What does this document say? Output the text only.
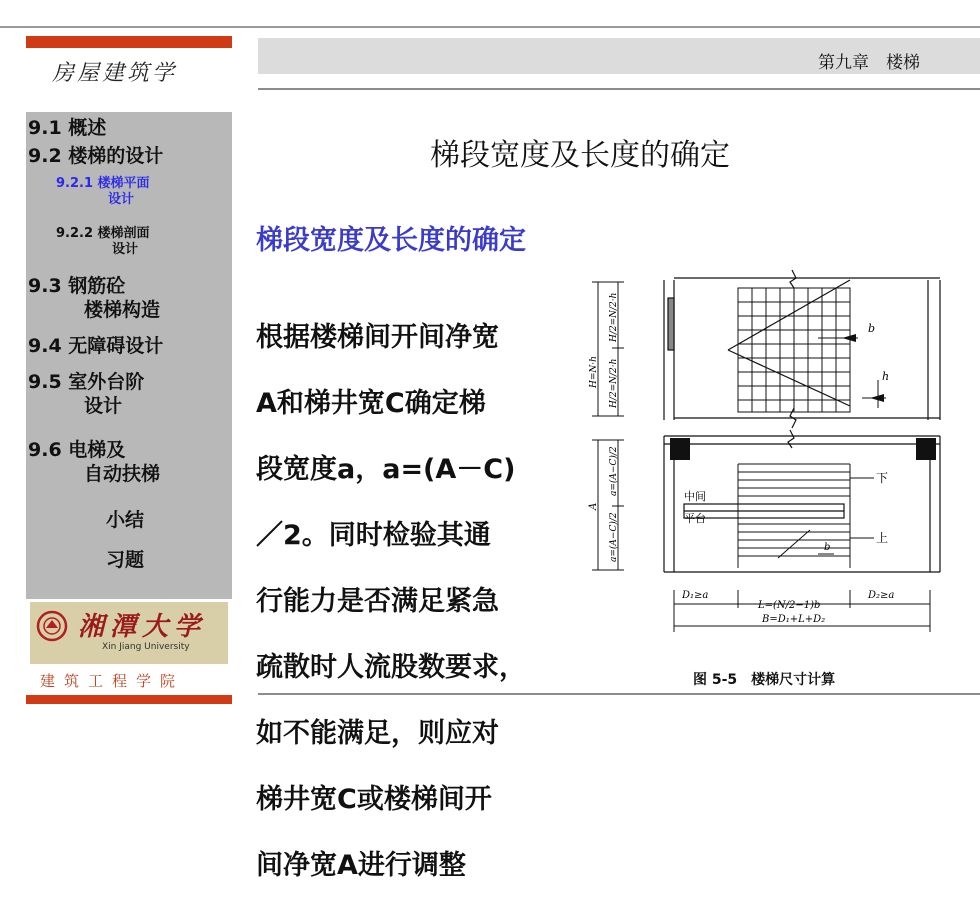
第九章　楼梯
房屋建筑学
9.1 概述
9.2 楼梯的设计
9.2.1 楼梯平面
设计
9.2.2 楼梯剖面
设计
9.3 钢筋砼
楼梯构造
9.4 无障碍设计
9.5 室外台阶
设计
9.6 电梯及
自动扶梯
小结
习题
湘潭大学
Xin Jiang University
建筑工程学院
梯段宽度及长度的确定
梯段宽度及长度的确定

根据楼梯间开间净宽

A和梯井宽C确定梯

段宽度a，a=(A－C)

／2。同时检验其通

行能力是否满足紧急

疏散时人流股数要求，

如不能满足，则应对

梯井宽C或楼梯间开

间净宽A进行调整

b
h
H=N·h
H/2=N/2·h
H/2=N/2·h
下
上
中间
平台
b
A
a=(A−C)/2
a=(A−C)/2
D₁≥a
L=(N/2−1)b
D₂≥a
B=D₁+L+D₂
图 5-5　楼梯尺寸计算
